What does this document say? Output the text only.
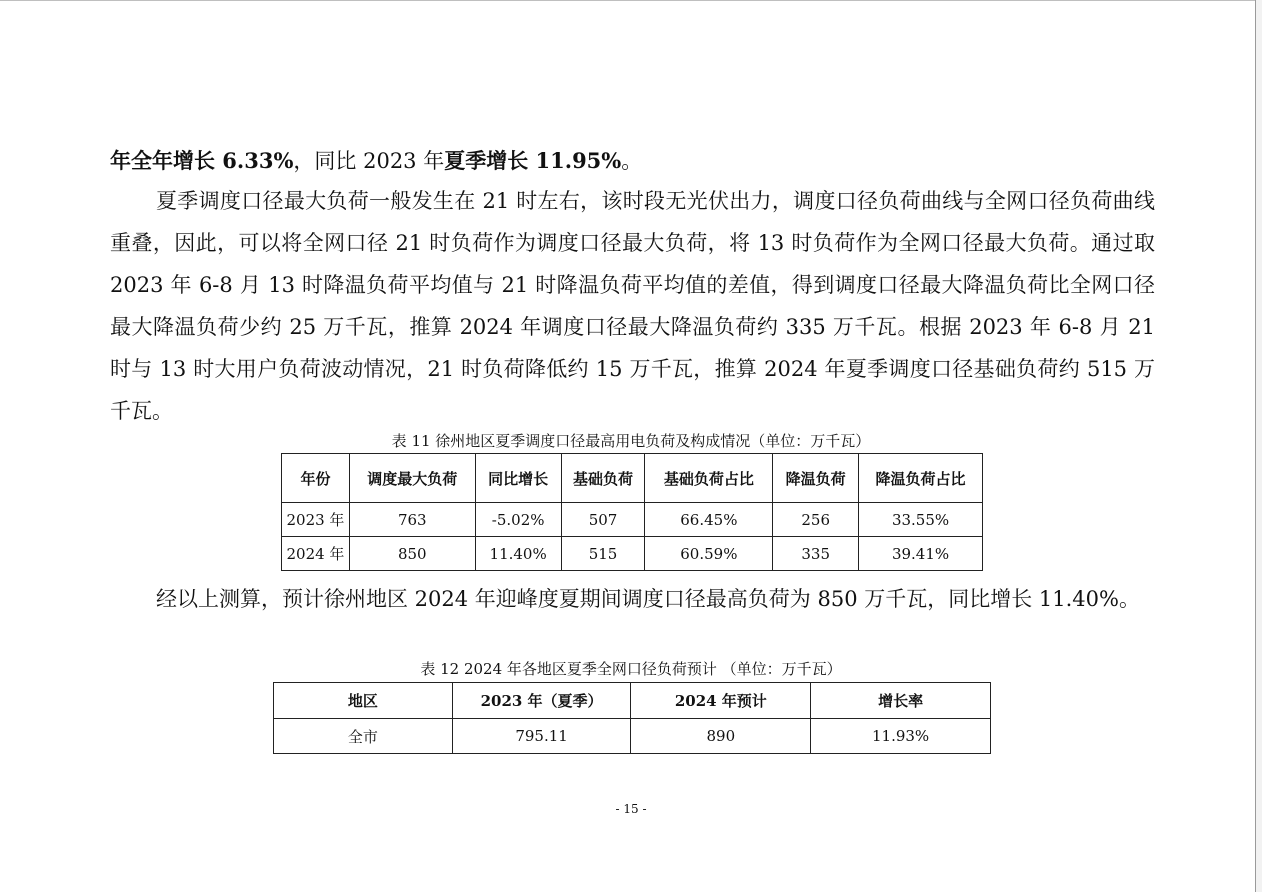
年全年增长 6.33%，同比 2023 年夏季增长 11.95%。

夏季调度口径最大负荷一般发生在 21 时左右，该时段无光伏出力，调度口径负荷曲线与全网口径负荷曲线重叠，因此，可以将全网口径 21 时负荷作为调度口径最大负荷，将 13 时负荷作为全网口径最大负荷。通过取 2023 年 6-8 月 13 时降温负荷平均值与 21 时降温负荷平均值的差值，得到调度口径最大降温负荷比全网口径最大降温负荷少约 25 万千瓦，推算 2024 年调度口径最大降温负荷约 335 万千瓦。根据 2023 年 6-8 月 21 时与 13 时大用户负荷波动情况，21 时负荷降低约 15 万千瓦，推算 2024 年夏季调度口径基础负荷约 515 万千瓦。

表 11 徐州地区夏季调度口径最高用电负荷及构成情况（单位：万千瓦）
年份	调度最大负荷	同比增长	基础负荷	基础负荷占比	降温负荷	降温负荷占比
2023 年	763	-5.02%	507	66.45%	256	33.55%
2024 年	850	11.40%	515	60.59%	335	39.41%

经以上测算，预计徐州地区 2024 年迎峰度夏期间调度口径最高负荷为 850 万千瓦，同比增长 11.40%。

表 12 2024 年各地区夏季全网口径负荷预计 （单位：万千瓦）
地区	2023 年（夏季）	2024 年预计	增长率
全市	795.11	890	11.93%
- 15 -
